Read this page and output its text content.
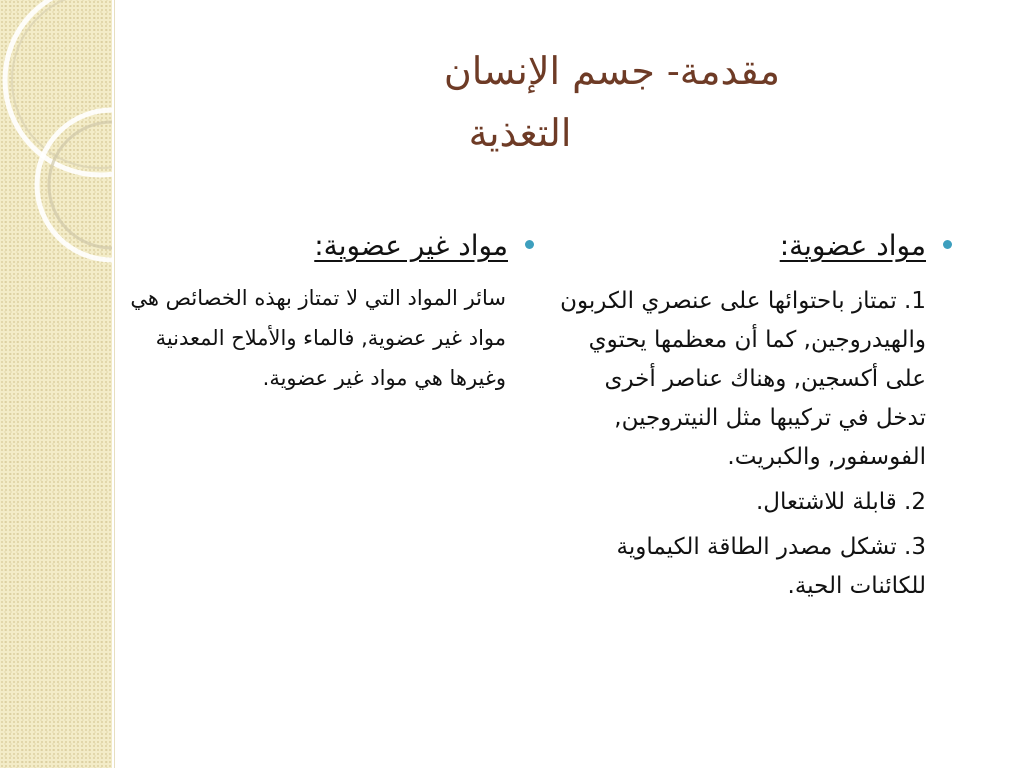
مقدمة- جسم الإنسان
التغذية
مواد عضوية:
1. تمتاز باحتوائها على عنصري الكربون والهيدروجين, كما أن معظمها يحتوي على أكسجين, وهناك عناصر أخرى تدخل في تركيبها مثل النيتروجين, الفوسفور, والكبريت.
2. قابلة للاشتعال.
3. تشكل مصدر الطاقة الكيماوية للكائنات الحية.
مواد غير عضوية:
سائر المواد التي لا تمتاز بهذه الخصائص هي مواد غير عضوية, فالماء والأملاح المعدنية وغيرها هي مواد غير عضوية.
